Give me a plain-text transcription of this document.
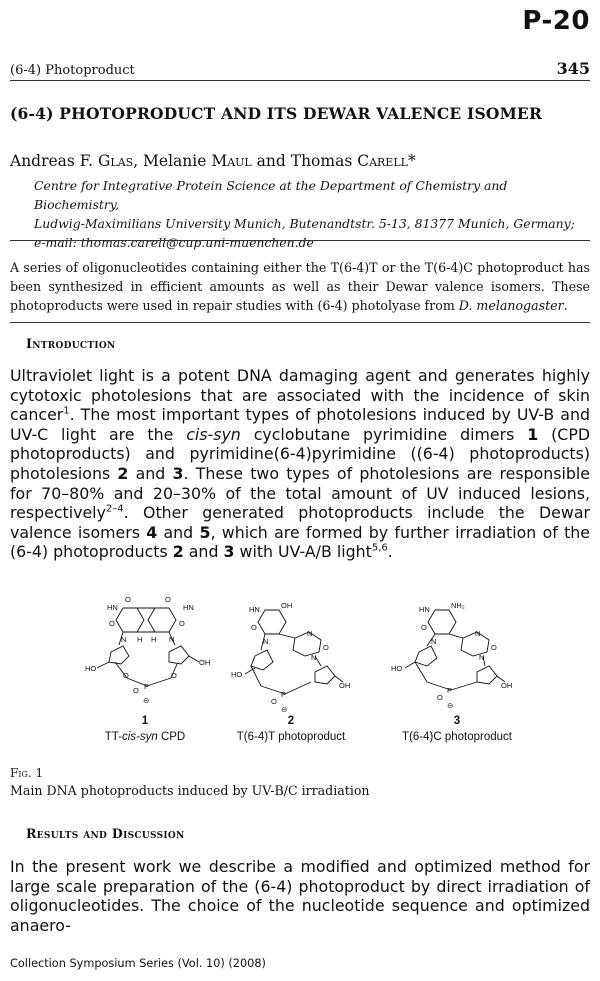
P-20
(6-4) Photoproduct	345
(6-4) PHOTOPRODUCT AND ITS DEWAR VALENCE ISOMER
Andreas F. Glas, Melanie Maul and Thomas Carell*
Centre for Integrative Protein Science at the Department of Chemistry and Biochemistry,
Ludwig-Maximilians University Munich, Butenandtstr. 5-13, 81377 Munich, Germany;
e-mail: thomas.carell@cup.uni-muenchen.de
A series of oligonucleotides containing either the T(6-4)T or the T(6-4)C photoproduct has been synthesized in efficient amounts as well as their Dewar valence isomers. These photoproducts were used in repair studies with (6-4) photolyase from D. melanogaster.
Introduction
Ultraviolet light is a potent DNA damaging agent and generates highly cytotoxic photolesions that are associated with the incidence of skin cancer$^1$. The most important types of photolesions induced by UV-B and UV-C light are the cis-syn cyclobutane pyrimidine dimers 1 (CPD photoproducts) and pyrimidine(6-4)pyrimidine ((6-4) photoproducts) photolesions 2 and 3. These two types of photolesions are responsible for 70–80% and 20–30% of the total amount of UV induced lesions, respectively$^{2-4}$. Other generated photoproducts include the Dewar valence isomers 4 and 5, which are formed by further irradiation of the (6-4) photoproducts 2 and 3 with UV-A/B light$^{5,6}$.
HN	HN
O	O
N	N
H H
O	O
HO
OH
O	O
P
O
⊖
1
TT-cis-syn CPD
HN	OH
O
N
N
O
N
HO
OH
P
O
⊖
2
T(6-4)T photoproduct
HN	NH₂
O
N
N
O
N
HO
OH
P
O
⊖
3
T(6-4)C photoproduct
Fig. 1
Main DNA photoproducts induced by UV-B/C irradiation
Results and Discussion
In the present work we describe a modified and optimized method for large scale preparation of the (6-4) photoproduct by direct irradiation of oligonucleotides. The choice of the nucleotide sequence and optimized anaero-
Collection Symposium Series (Vol. 10) (2008)
